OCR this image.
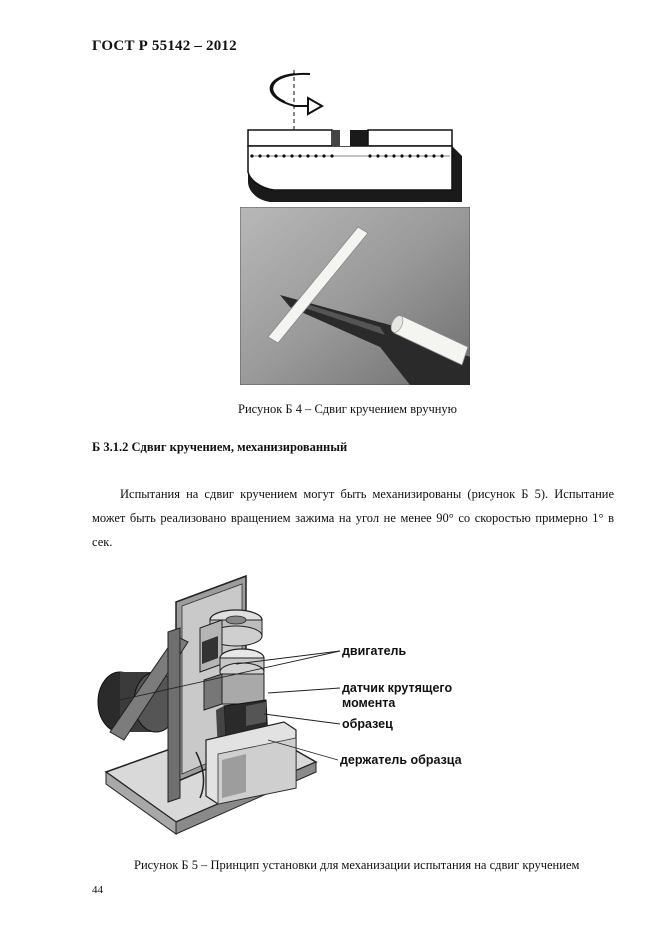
ГОСТ Р 55142 – 2012
Рисунок Б 4 – Сдвиг кручением вручную
Б 3.1.2 Сдвиг кручением, механизированный
Испытания на сдвиг кручением могут быть механизированы (рисунок Б 5). Испытание может быть реализовано вращением зажима на угол не менее 90° со скоростью примерно 1° в сек.
двигатель
датчик крутящего
момента
образец
держатель образца
Рисунок Б 5 – Принцип установки для механизации испытания на сдвиг кручением
44
